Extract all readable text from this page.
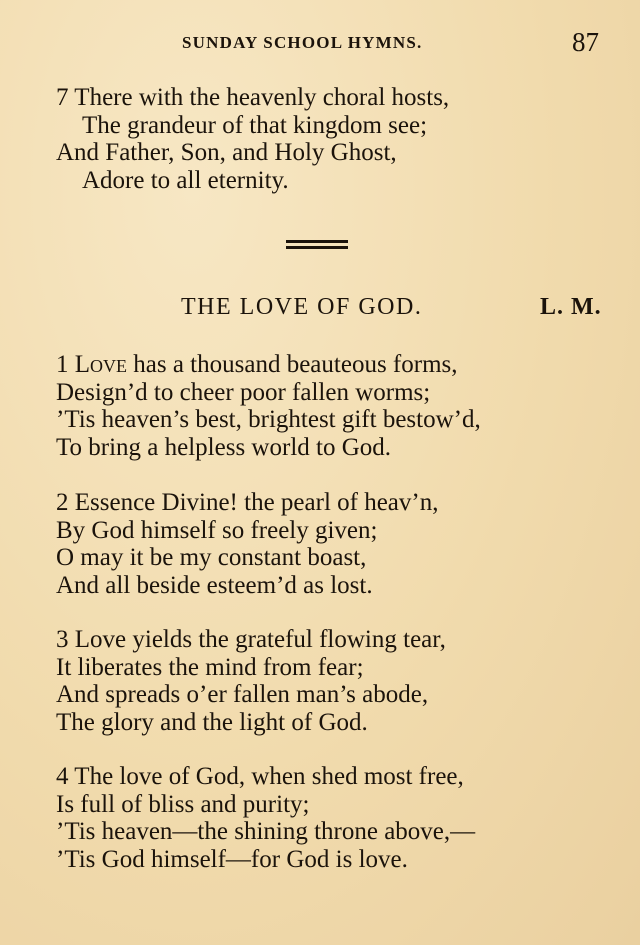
SUNDAY SCHOOL HYMNS.	87
7 There with the heavenly choral hosts,
The grandeur of that kingdom see;
And Father, Son, and Holy Ghost,
Adore to all eternity.
THE LOVE OF GOD.	L. M.
1 Love has a thousand beauteous forms,
Design’d to cheer poor fallen worms;
’Tis heaven’s best, brightest gift bestow’d,
To bring a helpless world to God.
2 Essence Divine! the pearl of heav’n,
By God himself so freely given;
O may it be my constant boast,
And all beside esteem’d as lost.
3 Love yields the grateful flowing tear,
It liberates the mind from fear;
And spreads o’er fallen man’s abode,
The glory and the light of God.
4 The love of God, when shed most free,
Is full of bliss and purity;
’Tis heaven—the shining throne above,—
’Tis God himself—for God is love.
